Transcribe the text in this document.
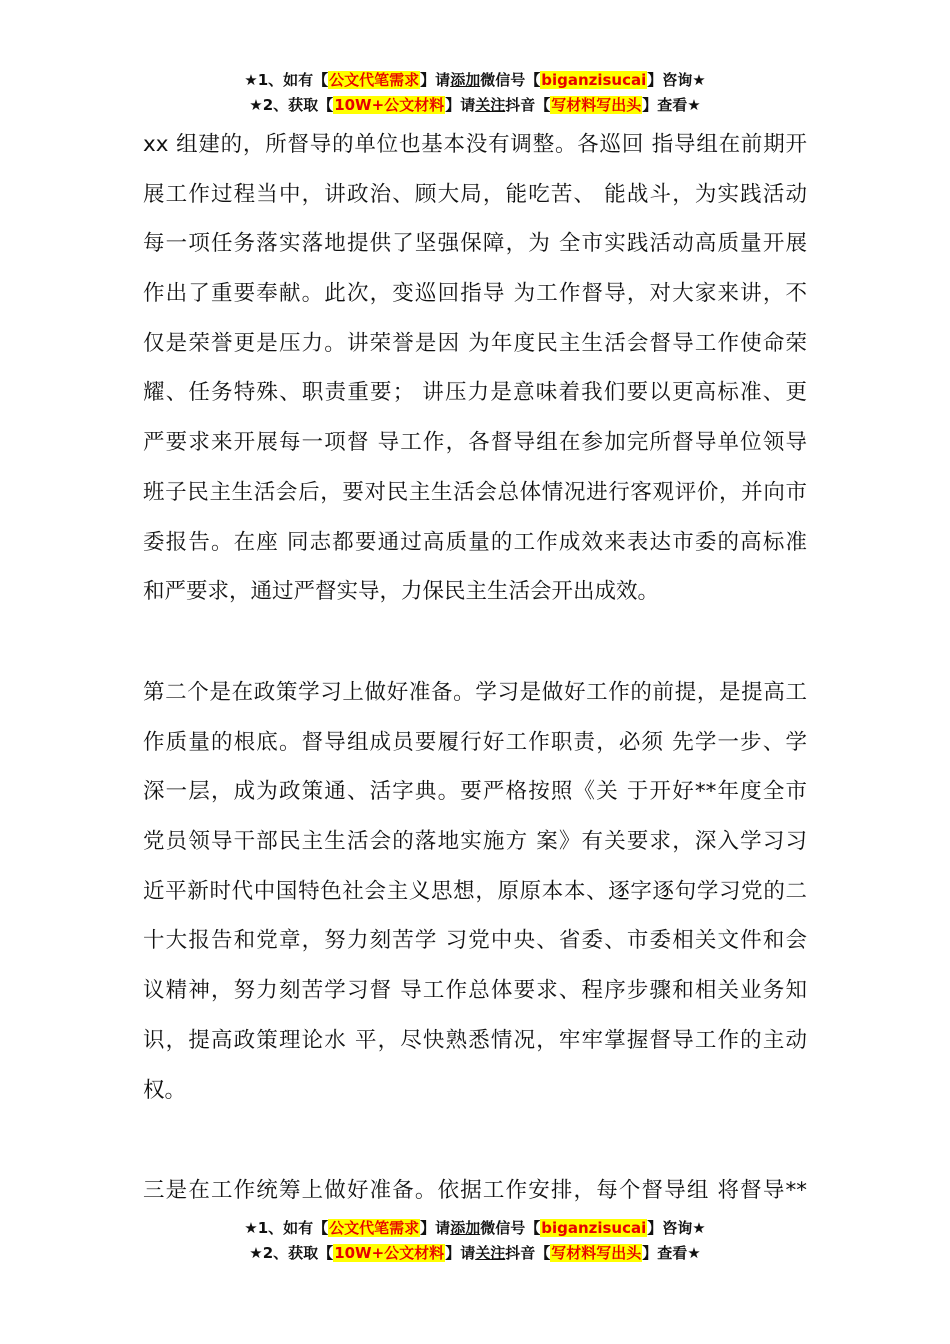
★1、如有【公文代笔需求】请添加微信号【biganzisucai】咨询★
★2、获取【10W+公文材料】请关注抖音【写材料写出头】查看★
xx 组建的，所督导的单位也基本没有调整。各巡回 指导组在前期开
展工作过程当中，讲政治、顾大局，能吃苦、 能战斗，为实践活动
每一项任务落实落地提供了坚强保障，为 全市实践活动高质量开展
作出了重要奉献。此次，变巡回指导 为工作督导，对大家来讲，不
仅是荣誉更是压力。讲荣誉是因 为年度民主生活会督导工作使命荣
耀、任务特殊、职责重要； 讲压力是意味着我们要以更高标准、更
严要求来开展每一项督 导工作，各督导组在参加完所督导单位领导
班子民主生活会后，要对民主生活会总体情况进行客观评价，并向市
委报告。在座 同志都要通过高质量的工作成效来表达市委的高标准
和严要求，通过严督实导，力保民主生活会开出成效。
第二个是在政策学习上做好准备。学习是做好工作的前提，是提高工
作质量的根底。督导组成员要履行好工作职责，必须 先学一步、学
深一层，成为政策通、活字典。要严格按照《关 于开好**年度全市
党员领导干部民主生活会的落地实施方 案》有关要求，深入学习习
近平新时代中国特色社会主义思想，原原本本、逐字逐句学习党的二
十大报告和党章，努力刻苦学 习党中央、省委、市委相关文件和会
议精神，努力刻苦学习督 导工作总体要求、程序步骤和相关业务知
识，提高政策理论水 平，尽快熟悉情况，牢牢掌握督导工作的主动
权。
三是在工作统筹上做好准备。依据工作安排，每个督导组 将督导**
★1、如有【公文代笔需求】请添加微信号【biganzisucai】咨询★
★2、获取【10W+公文材料】请关注抖音【写材料写出头】查看★
